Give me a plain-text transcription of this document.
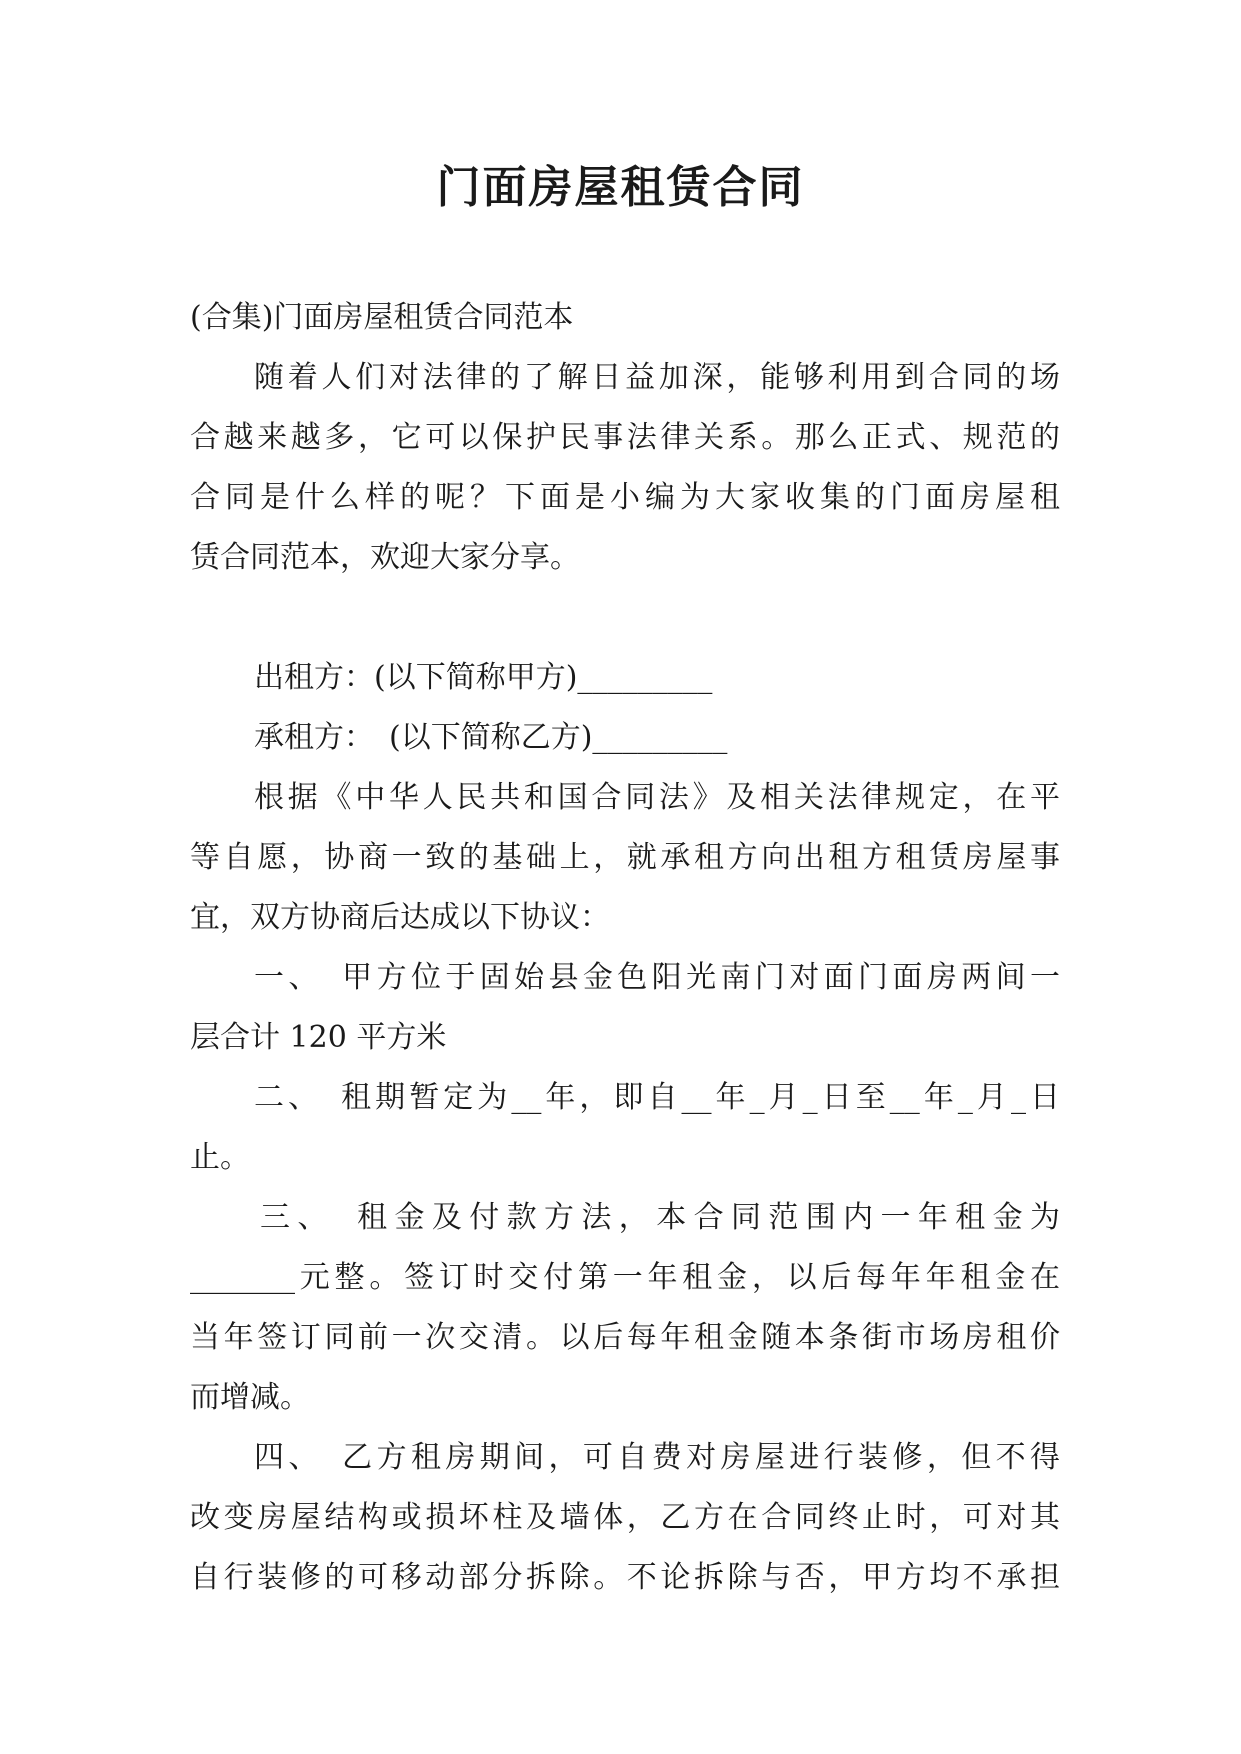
门面房屋租赁合同
(合集)门面房屋租赁合同范本
随着人们对法律的了解日益加深，能够利用到合同的场
合越来越多，它可以保护民事法律关系。那么正式、规范的
合同是什么样的呢？下面是小编为大家收集的门面房屋租
赁合同范本，欢迎大家分享。
出租方：(以下简称甲方)_________
承租方：　(以下简称乙方)_________
根据《中华人民共和国合同法》及相关法律规定，在平
等自愿，协商一致的基础上，就承租方向出租方租赁房屋事
宜，双方协商后达成以下协议：
一、　甲方位于固始县金色阳光南门对面门面房两间一
层合计 120 平方米
二、　租期暂定为__年，即自__年_月_日至__年_月_日
止。
三、　租金及付款方法，本合同范围内一年租金为
_______元整。签订时交付第一年租金，以后每年年租金在
当年签订同前一次交清。以后每年租金随本条街市场房租价
而增减。
四、　乙方租房期间，可自费对房屋进行装修，但不得
改变房屋结构或损坏柱及墙体，乙方在合同终止时，可对其
自行装修的可移动部分拆除。不论拆除与否，甲方均不承担
